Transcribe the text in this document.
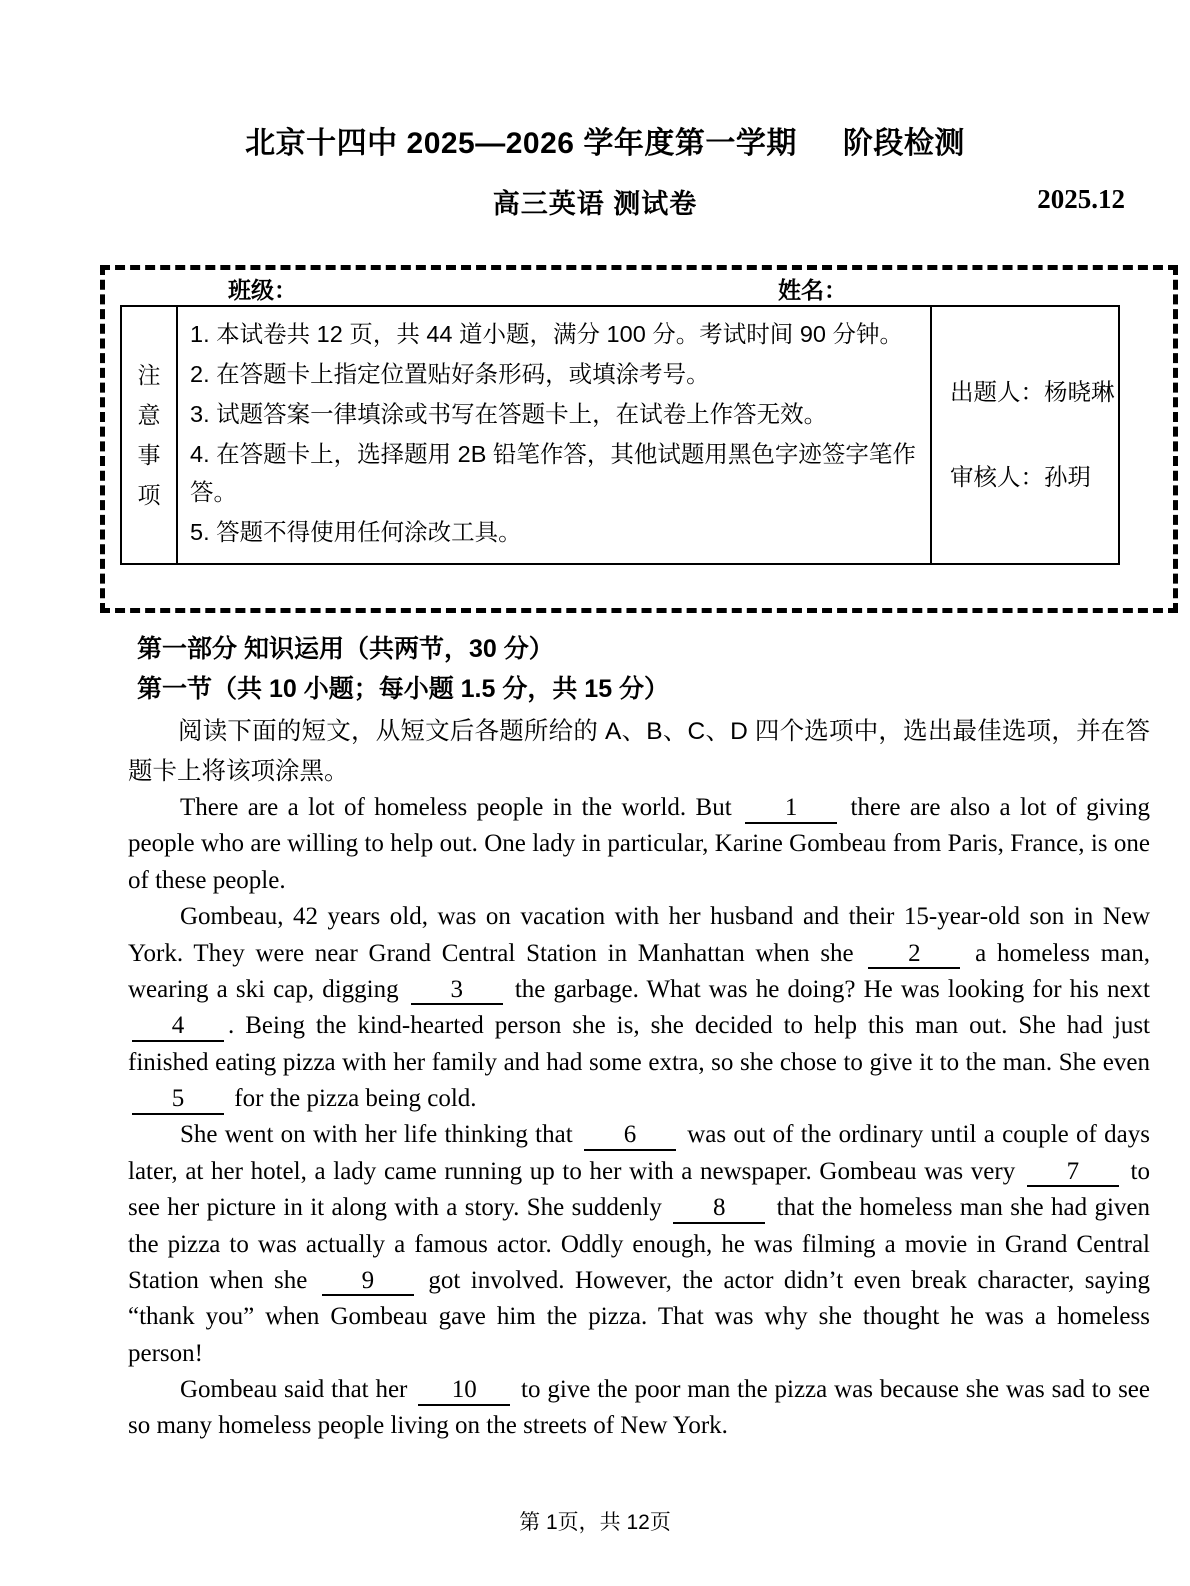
北京十四中 2025—2026 学年度第一学期 阶段检测
高三英语 测试卷	2025.12
班级：	姓名：
注
意
事
项

1. 本试卷共 12 页，共 44 道小题，满分 100 分。考试时间 90 分钟。

2. 在答题卡上指定位置贴好条形码，或填涂考号。

3. 试题答案一律填涂或书写在答题卡上，在试卷上作答无效。

4. 在答题卡上，选择题用 2B 铅笔作答，其他试题用黑色字迹签字笔作答。

5. 答题不得使用任何涂改工具。

出题人：杨晓琳

审核人：孙玥

第一部分 知识运用（共两节，30 分）
第一节（共 10 小题；每小题 1.5 分，共 15 分）
阅读下面的短文，从短文后各题所给的 A、B、C、D 四个选项中，选出最佳选项，并在答题卡上将该项涂黑。

There are a lot of homeless people in the world. But 1 there are also a lot of giving people who are willing to help out. One lady in particular, Karine Gombeau from Paris, France, is one of these people.

Gombeau, 42 years old, was on vacation with her husband and their 15-year-old son in New York. They were near Grand Central Station in Manhattan when she 2 a homeless man, wearing a ski cap, digging 3 the garbage. What was he doing? He was looking for his next 4 . Being the kind-hearted person she is, she decided to help this man out. She had just finished eating pizza with her family and had some extra, so she chose to give it to the man. She even 5 for the pizza being cold.

She went on with her life thinking that 6 was out of the ordinary until a couple of days later, at her hotel, a lady came running up to her with a newspaper. Gombeau was very 7 to see her picture in it along with a story. She suddenly 8 that the homeless man she had given the pizza to was actually a famous actor. Oddly enough, he was filming a movie in Grand Central Station when she 9 got involved. However, the actor didn’t even break character, saying “thank you” when Gombeau gave him the pizza. That was why she thought he was a homeless person!

Gombeau said that her 10 to give the poor man the pizza was because she was sad to see so many homeless people living on the streets of New York.

第 1页，共 12页
